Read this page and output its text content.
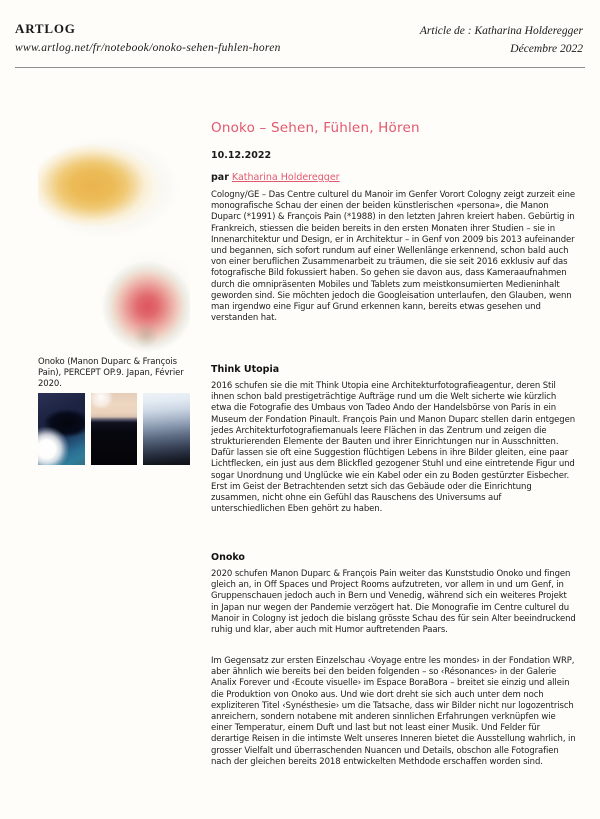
ARTLOG
www.artlog.net/fr/notebook/onoko-sehen-fuhlen-horen
Article de : Katharina Holderegger
Décembre 2022
Onoko (Manon Duparc & François Pain), PERCEPT OP.9. Japan, Février 2020.
Onoko – Sehen, Fühlen, Hören
10.12.2022
par Katharina Holderegger

Cologny/GE – Das Centre culturel du Manoir im Genfer Vorort Cologny zeigt zurzeit eine monografische Schau der einen der beiden künstlerischen «persona», die Manon Duparc (*1991) & François Pain (*1988) in den letzten Jahren kreiert haben. Gebürtig in Frankreich, stiessen die beiden bereits in den ersten Monaten ihrer Studien – sie in Innenarchitektur und Design, er in Architektur – in Genf von 2009 bis 2013 aufeinander und begannen, sich sofort rundum auf einer Wellenlänge erkennend, schon bald auch von einer beruflichen Zusammenarbeit zu träumen, die sie seit 2016 exklusiv auf das fotografische Bild fokussiert haben. So gehen sie davon aus, dass Kameraaufnahmen durch die omnipräsenten Mobiles und Tablets zum meistkonsumierten Medieninhalt geworden sind. Sie möchten jedoch die Googleisation unterlaufen, den Glauben, wenn man irgendwo eine Figur auf Grund erkennen kann, bereits etwas gesehen und verstanden hat.

Think Utopia

2016 schufen sie die mit Think Utopia eine Architekturfotografieagentur, deren Stil ihnen schon bald prestigeträchtige Aufträge rund um die Welt sicherte wie kürzlich etwa die Fotografie des Umbaus von Tadeo Ando der Handelsbörse von Paris in ein Museum der Fondation Pinault. François Pain und Manon Duparc stellen darin entgegen jedes Architekturfotografiemanuals leere Flächen in das Zentrum und zeigen die strukturierenden Elemente der Bauten und ihrer Einrichtungen nur in Ausschnitten. Dafür lassen sie oft eine Suggestion flüchtigen Lebens in ihre Bilder gleiten, eine paar Lichtflecken, ein just aus dem Blickfled gezogener Stuhl und eine eintretende Figur und sogar Unordnung und Unglücke wie ein Kabel oder ein zu Boden gestürzter Eisbecher. Erst im Geist der Betrachtenden setzt sich das Gebäude oder die Einrichtung zusammen, nicht ohne ein Gefühl das Rauschens des Universums auf unterschiedlichen Eben gehört zu haben.

Onoko

2020 schufen Manon Duparc & François Pain weiter das Kunststudio Onoko und fingen gleich an, in Off Spaces und Project Rooms aufzutreten, vor allem in und um Genf, in Gruppenschauen jedoch auch in Bern und Venedig, während sich ein weiteres Projekt in Japan nur wegen der Pandemie verzögert hat. Die Monografie im Centre culturel du Manoir in Cologny ist jedoch die bislang grösste Schau des für sein Alter beeindruckend ruhig und klar, aber auch mit Humor auftretenden Paars.

Im Gegensatz zur ersten Einzelschau ‹Voyage entre les mondes› in der Fondation WRP, aber ähnlich wie bereits bei den beiden folgenden – so ‹Résonances› in der Galerie Analix Forever und ‹Ecoute visuelle› im Espace BoraBora – breitet sie einzig und allein die Produktion von Onoko aus. Und wie dort dreht sie sich auch unter dem noch expliziteren Titel ‹Synésthesie› um die Tatsache, dass wir Bilder nicht nur logozentrisch anreichern, sondern notabene mit anderen sinnlichen Erfahrungen verknüpfen wie einer Temperatur, einem Duft und last but not least einer Musik. Und Felder für derartige Reisen in die intimste Welt unseres Inneren bietet die Ausstellung wahrlich, in grosser Vielfalt und überraschenden Nuancen und Details, obschon alle Fotografien nach der gleichen bereits 2018 entwickelten Methdode erschaffen worden sind.
